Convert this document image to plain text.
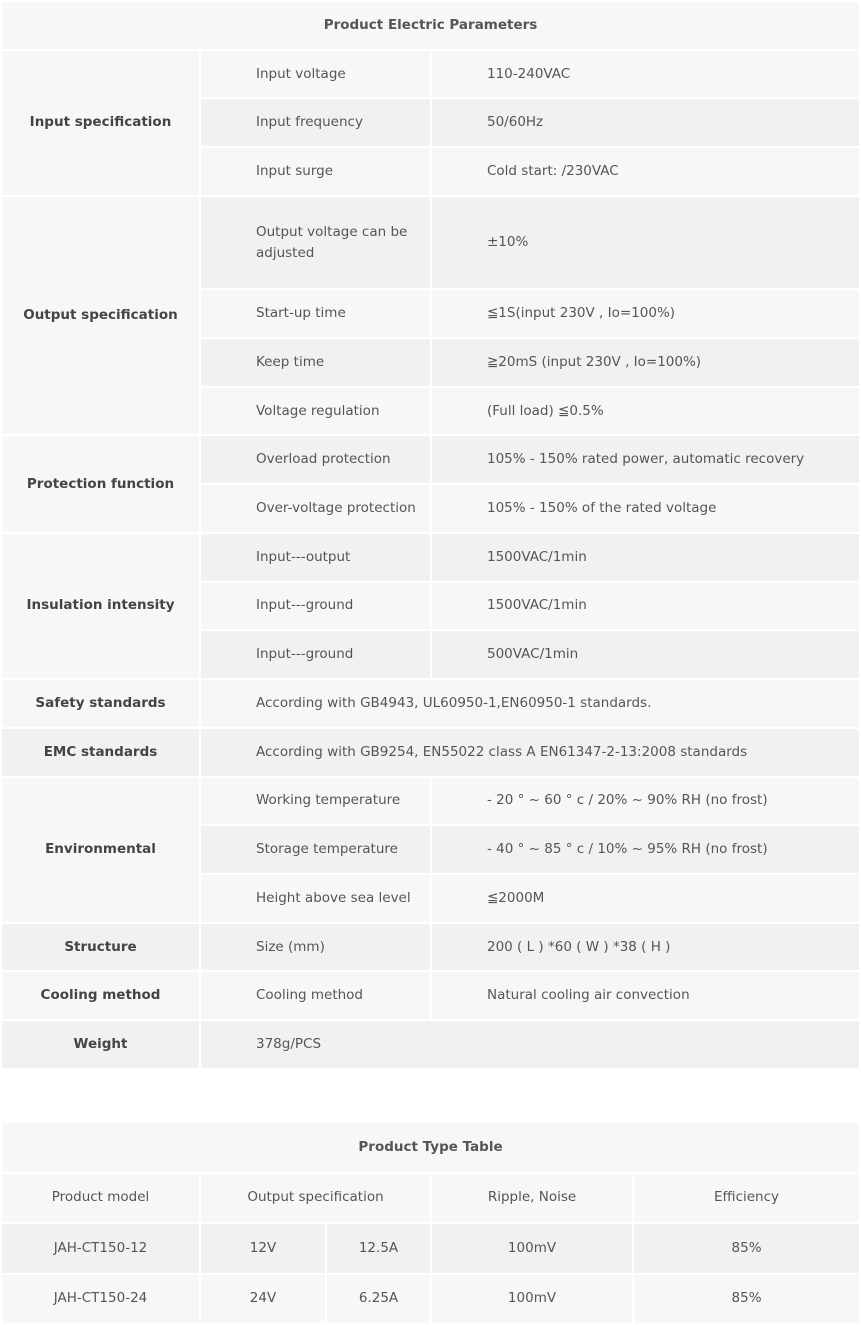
Product Electric Parameters		
Input specification	Input voltage	110-240VAC
	Input frequency	50/60Hz
	Input surge	Cold start: /230VAC
Output specification	Output voltage can be adjusted	±10%
	Start-up time	≦1S(input 230V , Io=100%)
	Keep time	≧20mS (input 230V , Io=100%)
	Voltage regulation	(Full load) ≦0.5%
Protection function	Overload protection	105% - 150% rated power, automatic recovery
	Over-voltage protection	105% - 150% of the rated voltage
Insulation intensity	Input---output	1500VAC/1min
	Input---ground	1500VAC/1min
	Input---ground	500VAC/1min
Safety standards	According with GB4943, UL60950-1,EN60950-1 standards.	
EMC standards	According with GB9254, EN55022 class A EN61347-2-13:2008 standards	
Environmental	Working temperature	- 20 ° ~ 60 ° c / 20% ~ 90% RH (no frost)
	Storage temperature	- 40 ° ~ 85 ° c / 10% ~ 95% RH (no frost)
	Height above sea level	≦2000M
Structure	Size (mm)	200 ( L ) *60 ( W ) *38 ( H )
Cooling method	Cooling method	Natural cooling air convection
Weight	378g/PCS	
Product Type Table				
Product model	Output specification		Ripple, Noise	Efficiency
JAH-CT150-12	12V	12.5A	100mV	85%
JAH-CT150-24	24V	6.25A	100mV	85%
